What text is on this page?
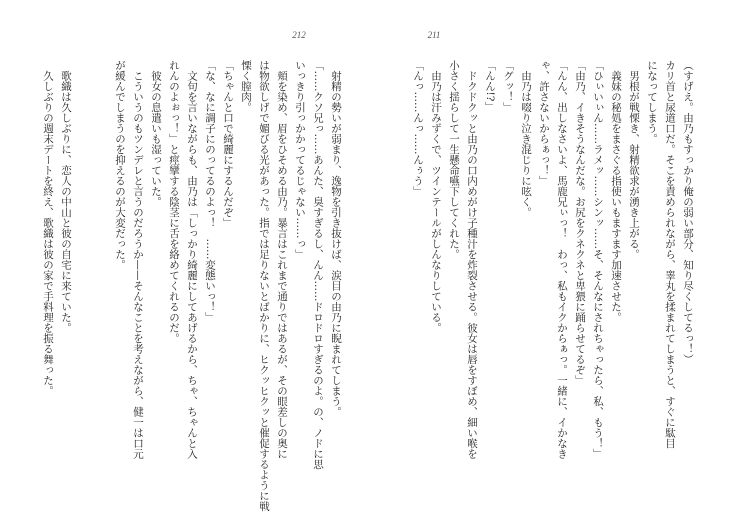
212	211
（すげえ。由乃もすっかり俺の弱い部分、知り尽くしてるっ！）
カリ首と尿道口だ。そこを責められながら、睾丸を揉まれてしまうと、すぐに駄目
になってしまう。
　男根が戦慄き、射精欲求が湧き上がる。
　義妹の秘処をまさぐる指使いもますます加速させた。
「ひぃいぃん……ラメッ……シンッ……そ、そんなにされちゃったら、私、もう！」
「由乃、イきそうなんだな。お尻をクネクネと卑猥に踊らせてるぞ」
「んん、出しなさいよ、馬鹿兄ぃっ！　わっ、私もイクからぁっ。一緒に、イかなき
ゃ、許さないからぁっ！」
　由乃は啜り泣き混じりに呟く。
「グッ！」
「んん!?」
　ドクドクッと由乃の口内めがけ子種汁を炸裂させる。彼女は唇をすぼめ、細い喉を
小さく揺らして一生懸命嚥下してくれた。
　由乃は汗みずくで、ツインテールがしんなりしている。
「んっ……んっ……んぅう」
　射精の勢いが弱まり、逸物を引き抜けば、涙目の由乃に睨まれてしまう。
「……クソ兄っ……あんた、臭すぎるし、んん……ドロドロすぎるのよ。の、ノドに思
いっきり引っかかってるじゃない……っ」
　頬を染め、眉をひそめる由乃。暴言はこれまで通りではあるが、その眼差しの奥に
は物欲しげで媚びる光があった。指では足りないとばかりに、ヒクッヒクッと催促するように戦
慄く膣肉。
「ちゃんと口で綺麗にするんだぞ」
「な、なに調子にのってるのよっ！　……変態いっ！」
　文句を言いながらも、由乃は「しっかり綺麗にしてあげるから、ちゃ、ちゃんと入
れんのよぉっ！」と痙攣する陰茎に舌を絡めてくれるのだ。
　彼女の息遣いも湿っていた。
　こういうのもツンデレと言うのだろうか——そんなことを考えながら、健一は口元
が緩んでしまうのを抑えるのが大変だった。
　歌織は久しぶりに、恋人の中山と彼の自宅に来ていた。
　久しぶりの週末デートを終え、歌織は彼の家で手料理を振る舞った。
